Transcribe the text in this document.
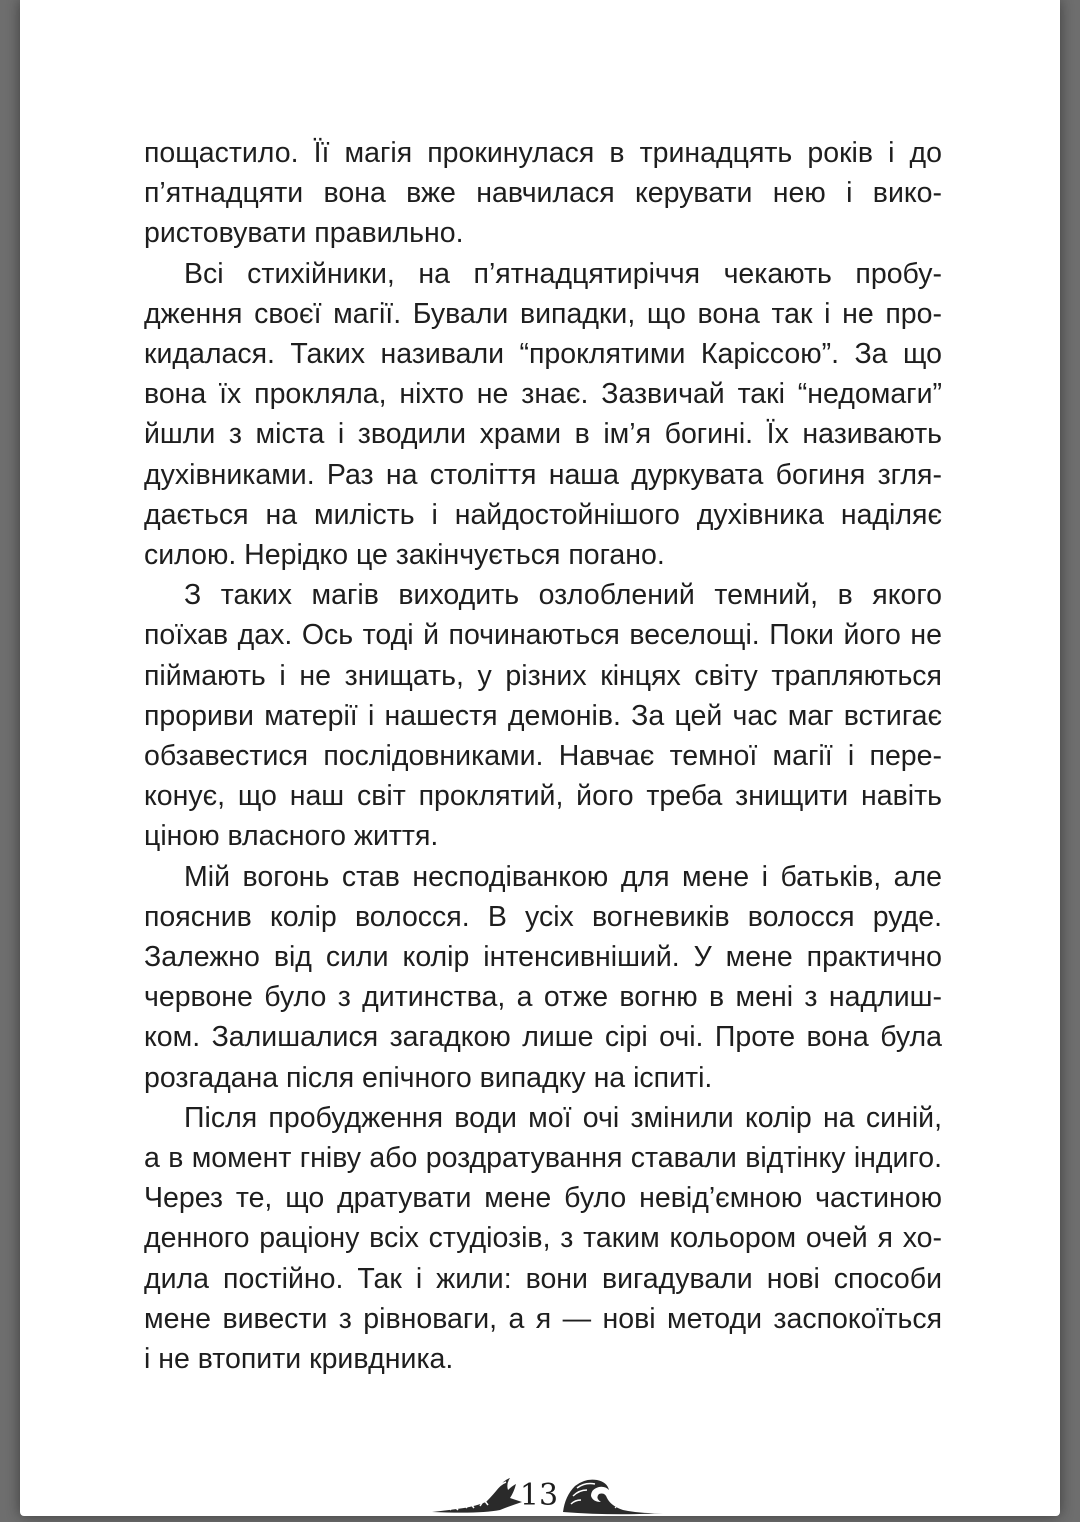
пощастило. Її магія прокинулася в тринадцять років і до
п’ятнадцяти вона вже навчилася керувати нею і вико-
ристовувати правильно.

Всі стихійники, на п’ятнадцятиріччя чекають пробу-
дження своєї магії. Бували випадки, що вона так і не про-
кидалася. Таких називали “проклятими Каріссою”. За що
вона їх прокляла, ніхто не знає. Зазвичай такі “недомаги”
йшли з міста і зводили храми в ім’я богині. Їх називають
духівниками. Раз на століття наша дуркувата богиня згля-
дається на милість і найдостойнішого духівника наділяє
силою. Нерідко це закінчується погано.

З таких магів виходить озлоблений темний, в якого
поїхав дах. Ось тоді й починаються веселощі. Поки його не
піймають і не знищать, у різних кінцях світу трапляються
прориви матерії і нашестя демонів. За цей час маг встигає
обзавестися послідовниками. Навчає темної магії і пере-
конує, що наш світ проклятий, його треба знищити навіть
ціною власного життя.

Мій вогонь став несподіванкою для мене і батьків, але
пояснив колір волосся. В усіх вогневиків волосся руде.
Залежно від сили колір інтенсивніший. У мене практично
червоне було з дитинства, а отже вогню в мені з надлиш-
ком. Залишалися загадкою лише сірі очі. Проте вона була
розгадана після епічного випадку на іспиті.

Після пробудження води мої очі змінили колір на синій,
а в момент гніву або роздратування ставали відтінку індиго.
Через те, що дратувати мене було невід’ємною частиною
денного раціону всіх студіозів, з таким кольором очей я хо-
дила постійно. Так і жили: вони вигадували нові способи
мене вивести з рівноваги, а я — нові методи заспокоїться
і не втопити кривдника.

13
